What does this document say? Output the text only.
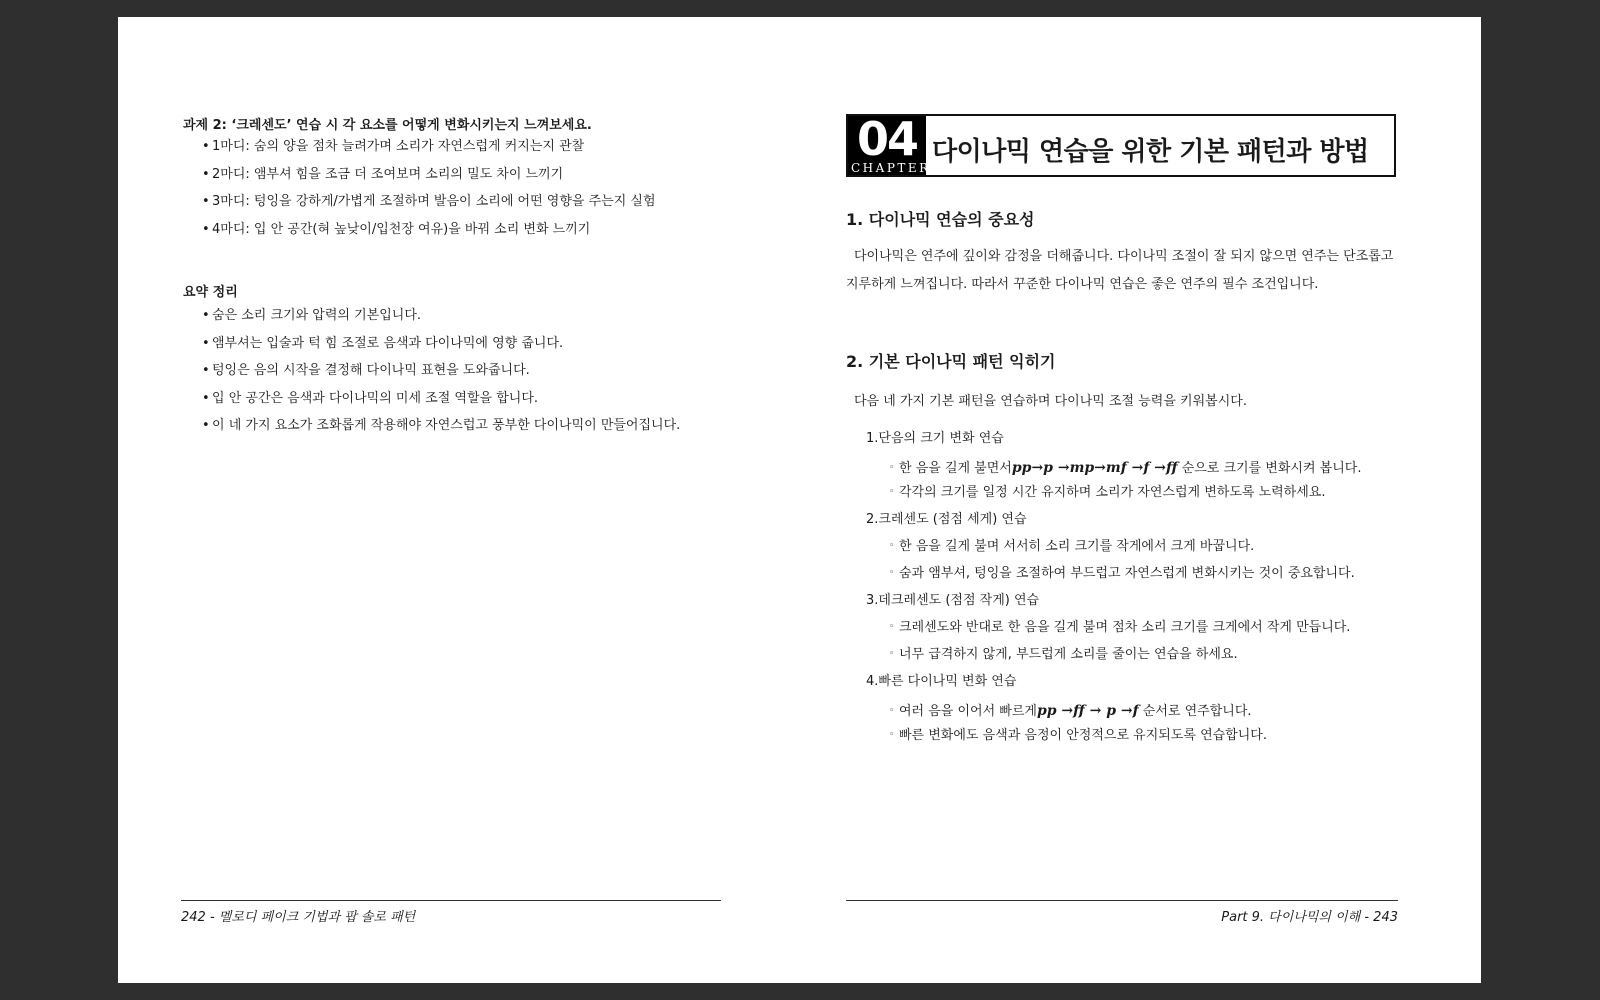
과제 2: ‘크레센도’ 연습 시 각 요소를 어떻게 변화시키는지 느껴보세요.
• 1마디: 숨의 양을 점차 늘려가며 소리가 자연스럽게 커지는지 관찰
• 2마디: 앰부셔 힘을 조금 더 조여보며 소리의 밀도 차이 느끼기
• 3마디: 텅잉을 강하게/가볍게 조절하며 발음이 소리에 어떤 영향을 주는지 실험
• 4마디: 입 안 공간(혀 높낮이/입천장 여유)을 바꿔 소리 변화 느끼기
요약 정리
• 숨은 소리 크기와 압력의 기본입니다.
• 앰부셔는 입술과 턱 힘 조절로 음색과 다이나믹에 영향 줍니다.
• 텅잉은 음의 시작을 결정해 다이나믹 표현을 도와줍니다.
• 입 안 공간은 음색과 다이나믹의 미세 조절 역할을 합니다.
• 이 네 가지 요소가 조화롭게 작용해야 자연스럽고 풍부한 다이나믹이 만들어집니다.
242 - 멜로디 페이크 기법과 팝 솔로 패턴
04
CHAPTER
다이나믹 연습을 위한 기본 패턴과 방법
1. 다이나믹 연습의 중요성
다이나믹은 연주에 깊이와 감정을 더해줍니다. 다이나믹 조절이 잘 되지 않으면 연주는 단조롭고 지루하게 느껴집니다. 따라서 꾸준한 다이나믹 연습은 좋은 연주의 필수 조건입니다.
2. 기본 다이나믹 패턴 익히기
다음 네 가지 기본 패턴을 연습하며 다이나믹 조절 능력을 키워봅시다.
1.단음의 크기 변화 연습
◦ 한 음을 길게 불면서pp→p →mp→mf →f →ff 순으로 크기를 변화시켜 봅니다.
◦ 각각의 크기를 일정 시간 유지하며 소리가 자연스럽게 변하도록 노력하세요.
2.크레센도 (점점 세게) 연습
◦ 한 음을 길게 불며 서서히 소리 크기를 작게에서 크게 바꿉니다.
◦ 숨과 앰부셔, 텅잉을 조절하여 부드럽고 자연스럽게 변화시키는 것이 중요합니다.
3.데크레센도 (점점 작게) 연습
◦ 크레센도와 반대로 한 음을 길게 불며 점차 소리 크기를 크게에서 작게 만듭니다.
◦ 너무 급격하지 않게, 부드럽게 소리를 줄이는 연습을 하세요.
4.빠른 다이나믹 변화 연습
◦ 여러 음을 이어서 빠르게pp →ff → p →f 순서로 연주합니다.
◦ 빠른 변화에도 음색과 음정이 안정적으로 유지되도록 연습합니다.
Part 9. 다이나믹의 이해 - 243
